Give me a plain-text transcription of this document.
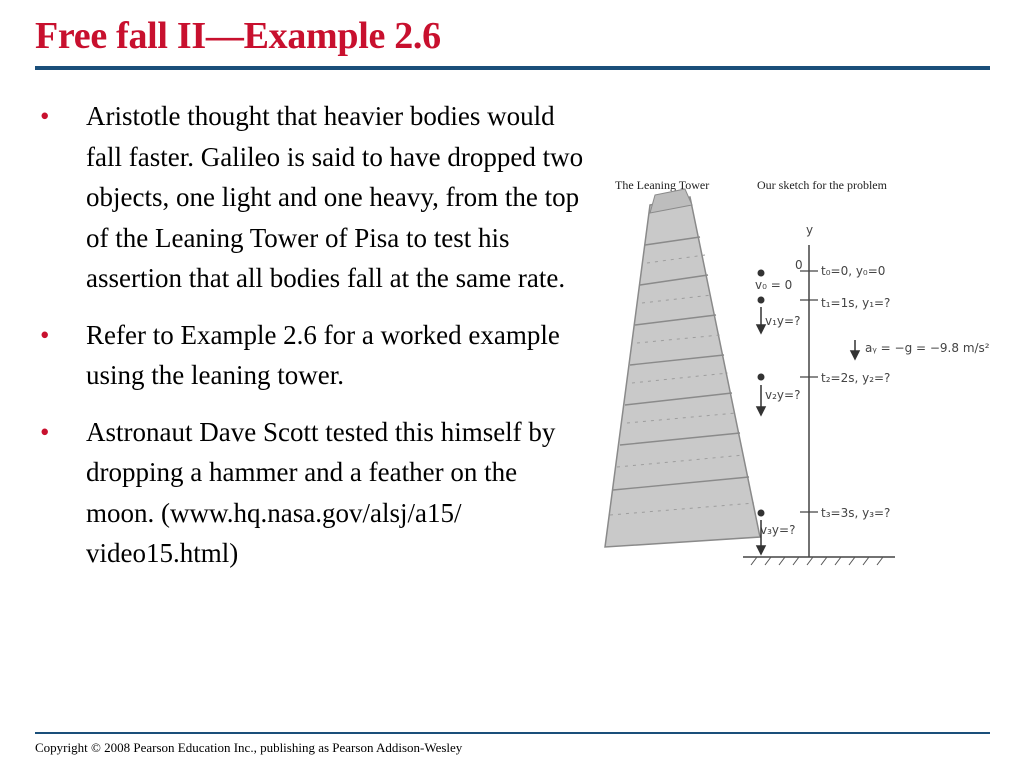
Free fall II—Example 2.6
• Aristotle thought that heavier bodies would fall faster. Galileo is said to have dropped two objects, one light and one heavy, from the top of the Leaning Tower of Pisa to test his assertion that all bodies fall at the same rate.
• Refer to Example 2.6 for a worked example using the leaning tower.
• Astronaut Dave Scott tested this himself by dropping a hammer and a feather on the moon. (www.hq.nasa.gov/alsj/a15/ video15.html)
The Leaning Tower	Our sketch for the problem
y
0
v₀ = 0
t₀=0, y₀=0
t₁=1s, y₁=?
v₁y=?
aᵧ = −g = −9.8 m/s²
t₂=2s, y₂=?
v₂y=?
t₃=3s, y₃=?
v₃y=?
Copyright © 2008 Pearson Education Inc., publishing as Pearson Addison-Wesley
